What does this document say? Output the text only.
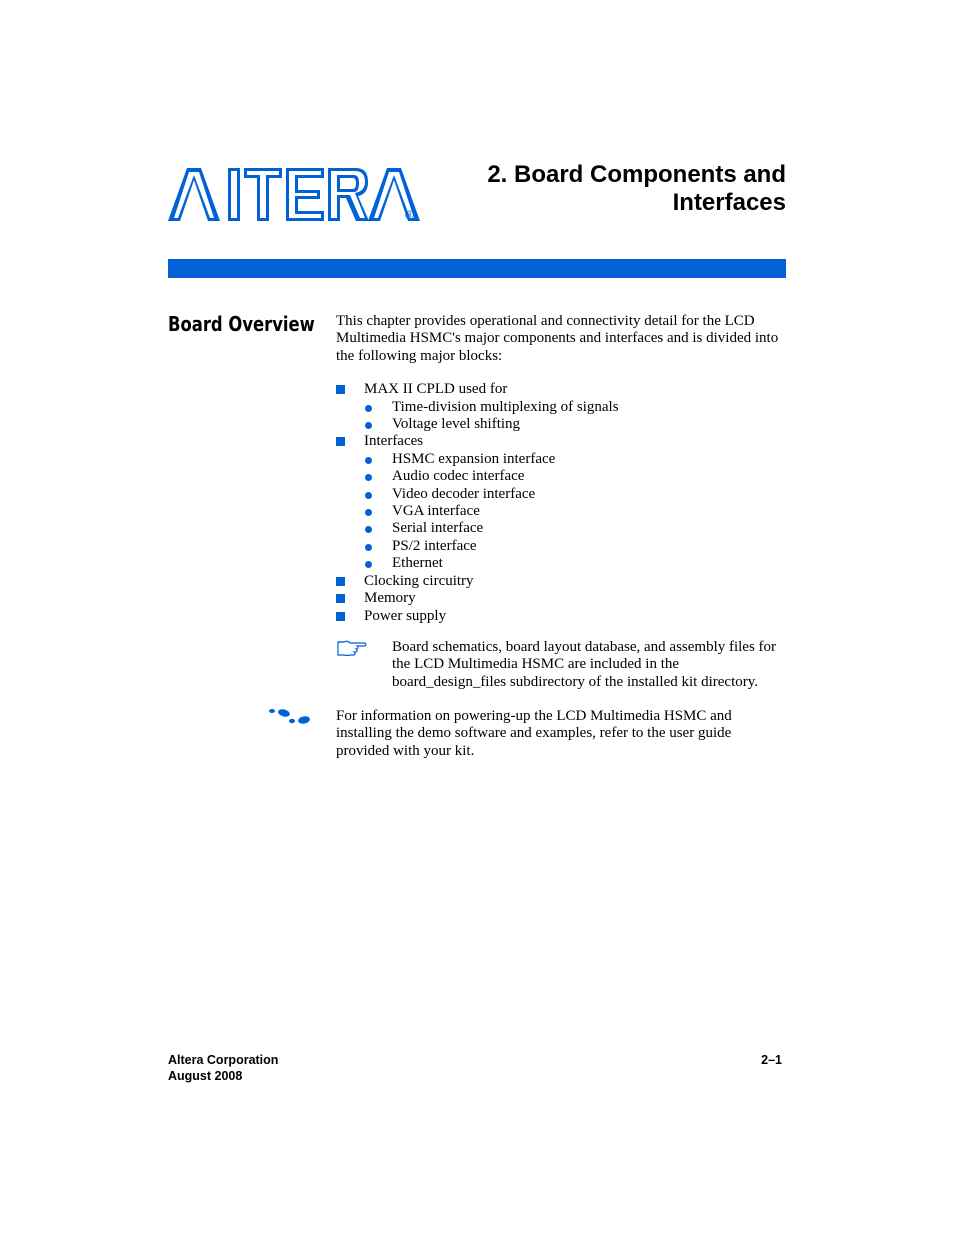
®
2. Board Components and
Interfaces
Board Overview This chapter provides operational and connectivity detail for the LCD Multimedia HSMC's major components and interfaces and is divided into the following major blocks:

MAX II CPLD used for
Time-division multiplexing of signals
Voltage level shifting
Interfaces
HSMC expansion interface
Audio codec interface
Video decoder interface
VGA interface
Serial interface
PS/2 interface
Ethernet
Clocking circuitry
Memory
Power supply

Board schematics, board layout database, and assembly files for the LCD Multimedia HSMC are included in the board_design_files subdirectory of the installed kit directory.

For information on powering-up the LCD Multimedia HSMC and installing the demo software and examples, refer to the user guide provided with your kit.

Altera Corporation
August 2008
2–1
